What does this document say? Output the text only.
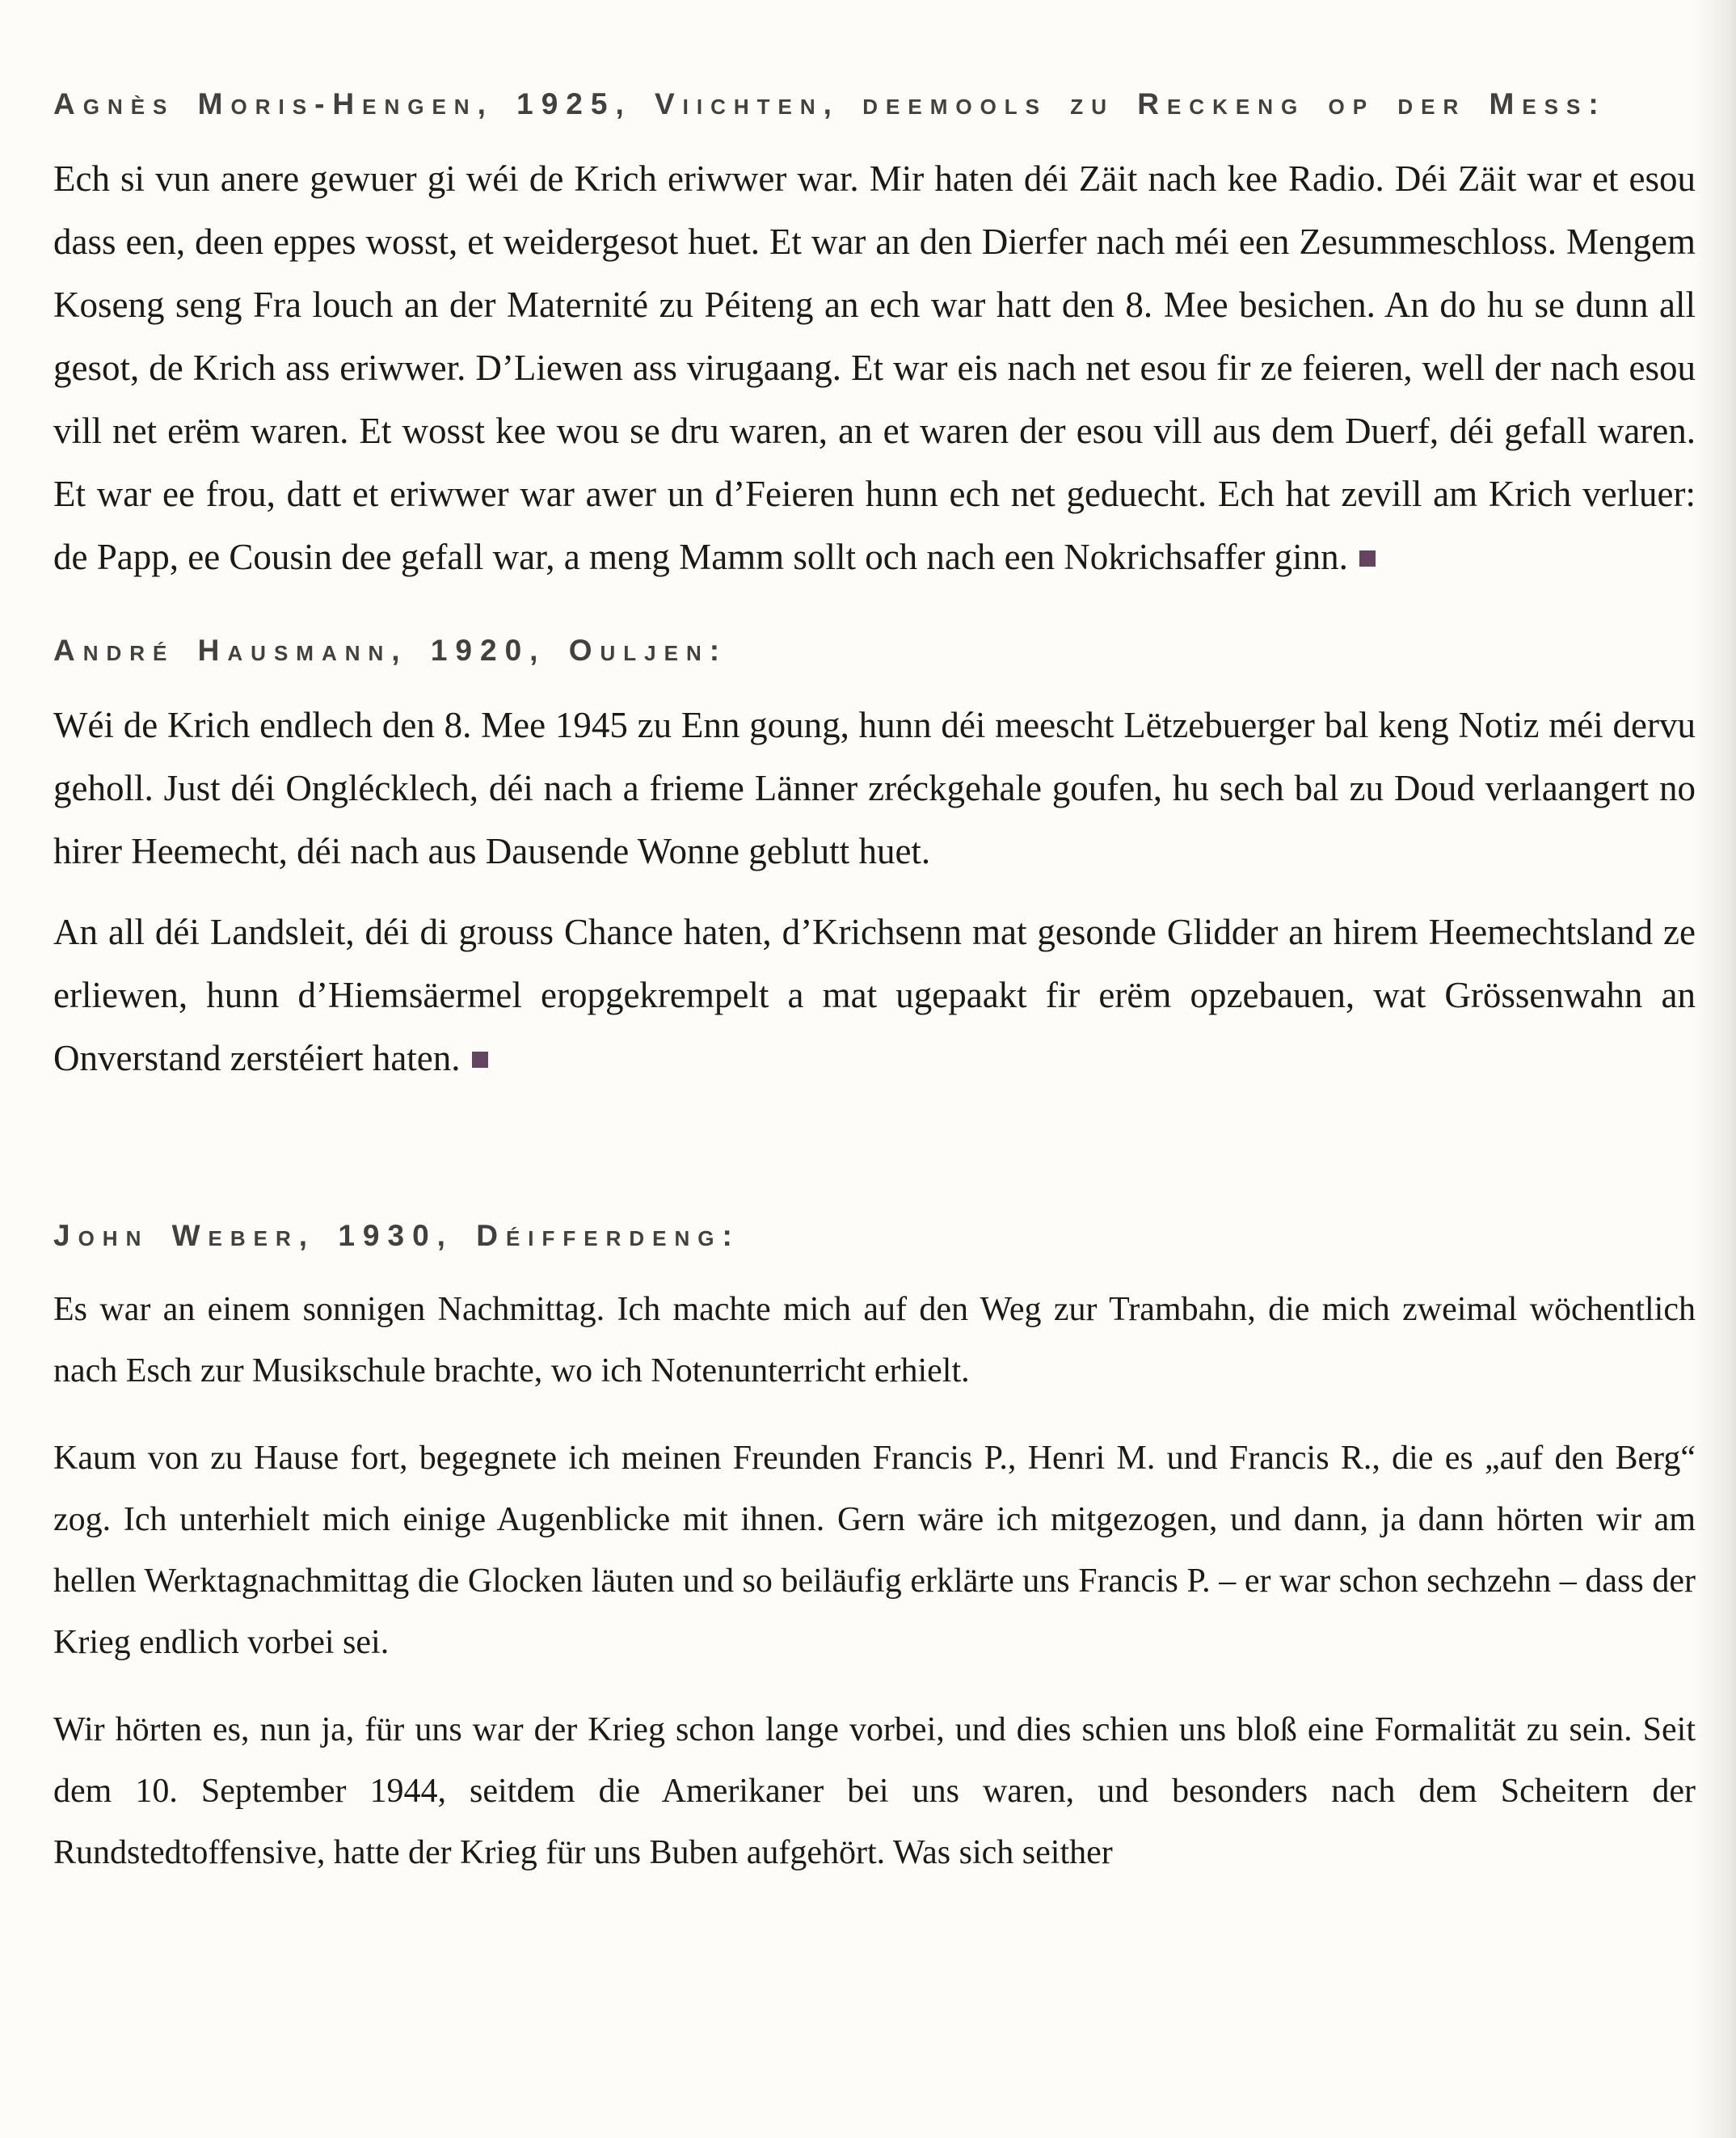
Agnès Moris-Hengen, 1925, Viichten, deemools zu Reckeng op der Mess:

Ech si vun anere gewuer gi wéi de Krich eriwwer war. Mir haten déi Zäit nach kee Radio. Déi Zäit war et esou dass een, deen eppes wosst, et weidergesot huet. Et war an den Dierfer nach méi een Zesummeschloss. Mengem Koseng seng Fra louch an der Maternité zu Péiteng an ech war hatt den 8. Mee besichen. An do hu se dunn all gesot, de Krich ass eriwwer. D’Liewen ass virugaang. Et war eis nach net esou fir ze feieren, well der nach esou vill net erëm waren. Et wosst kee wou se dru waren, an et waren der esou vill aus dem Duerf, déi gefall waren. Et war ee frou, datt et eriwwer war awer un d’Feieren hunn ech net geduecht. Ech hat zevill am Krich verluer: de Papp, ee Cousin dee gefall war, a meng Mamm sollt och nach een Nokrichsaffer ginn.

André Hausmann, 1920, Ouljen:

Wéi de Krich endlech den 8. Mee 1945 zu Enn goung, hunn déi meescht Lëtzebuerger bal keng Notiz méi dervu geholl. Just déi Onglécklech, déi nach a frieme Länner zréckgehale goufen, hu sech bal zu Doud verlaangert no hirer Heemecht, déi nach aus Dausende Wonne geblutt huet.

An all déi Landsleit, déi di grouss Chance haten, d’Krichsenn mat gesonde Glidder an hirem Heemechtsland ze erliewen, hunn d’Hiemsäermel eropgekrempelt a mat ugepaakt fir erëm opzebauen, wat Grössenwahn an Onverstand zerstéiert haten.

John Weber, 1930, Déifferdeng:

Es war an einem sonnigen Nachmittag. Ich machte mich auf den Weg zur Trambahn, die mich zweimal wöchentlich nach Esch zur Musikschule brachte, wo ich Notenunterricht erhielt.

Kaum von zu Hause fort, begegnete ich meinen Freunden Francis P., Henri M. und Francis R., die es „auf den Berg“ zog. Ich unterhielt mich einige Augenblicke mit ihnen. Gern wäre ich mitgezogen, und dann, ja dann hörten wir am hellen Werktagnachmittag die Glocken läuten und so beiläufig erklärte uns Francis P. – er war schon sechzehn – dass der Krieg endlich vorbei sei.

Wir hörten es, nun ja, für uns war der Krieg schon lange vorbei, und dies schien uns bloß eine Formalität zu sein. Seit dem 10. September 1944, seitdem die Amerikaner bei uns waren, und besonders nach dem Scheitern der Rundstedtoffensive, hatte der Krieg für uns Buben aufgehört. Was sich seither
